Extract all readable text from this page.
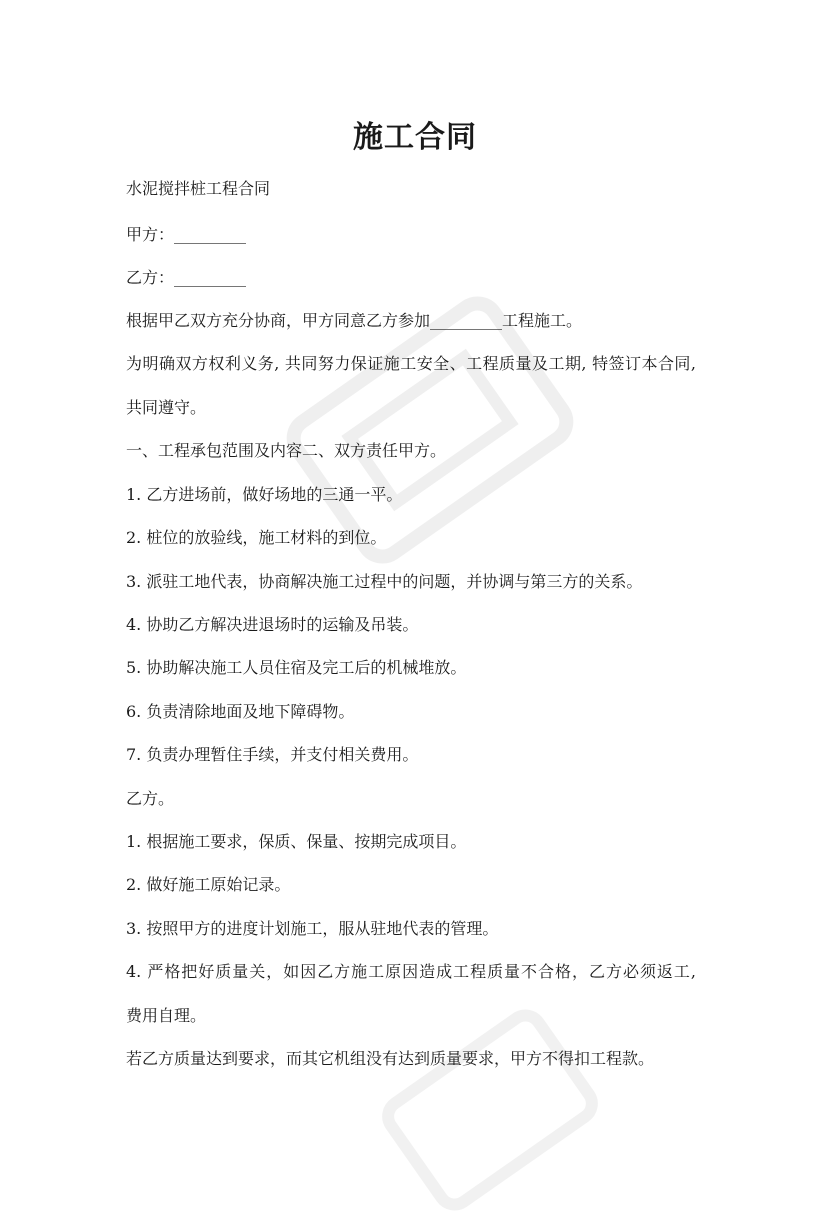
施工合同
水泥搅拌桩工程合同
甲方：_________
乙方：_________
根据甲乙双方充分协商，甲方同意乙方参加_________工程施工。
为明确双方权利义务, 共同努力保证施工安全、工程质量及工期, 特签订本合同,
共同遵守。
一、工程承包范围及内容二、双方责任甲方。
1. 乙方进场前，做好场地的三通一平。
2. 桩位的放验线，施工材料的到位。
3. 派驻工地代表，协商解决施工过程中的问题，并协调与第三方的关系。
4. 协助乙方解决进退场时的运输及吊装。
5. 协助解决施工人员住宿及完工后的机械堆放。
6. 负责清除地面及地下障碍物。
7. 负责办理暂住手续，并支付相关费用。
乙方。
1. 根据施工要求，保质、保量、按期完成项目。
2. 做好施工原始记录。
3. 按照甲方的进度计划施工，服从驻地代表的管理。
4. 严格把好质量关，如因乙方施工原因造成工程质量不合格，乙方必须返工,
费用自理。
若乙方质量达到要求，而其它机组没有达到质量要求，甲方不得扣工程款。
